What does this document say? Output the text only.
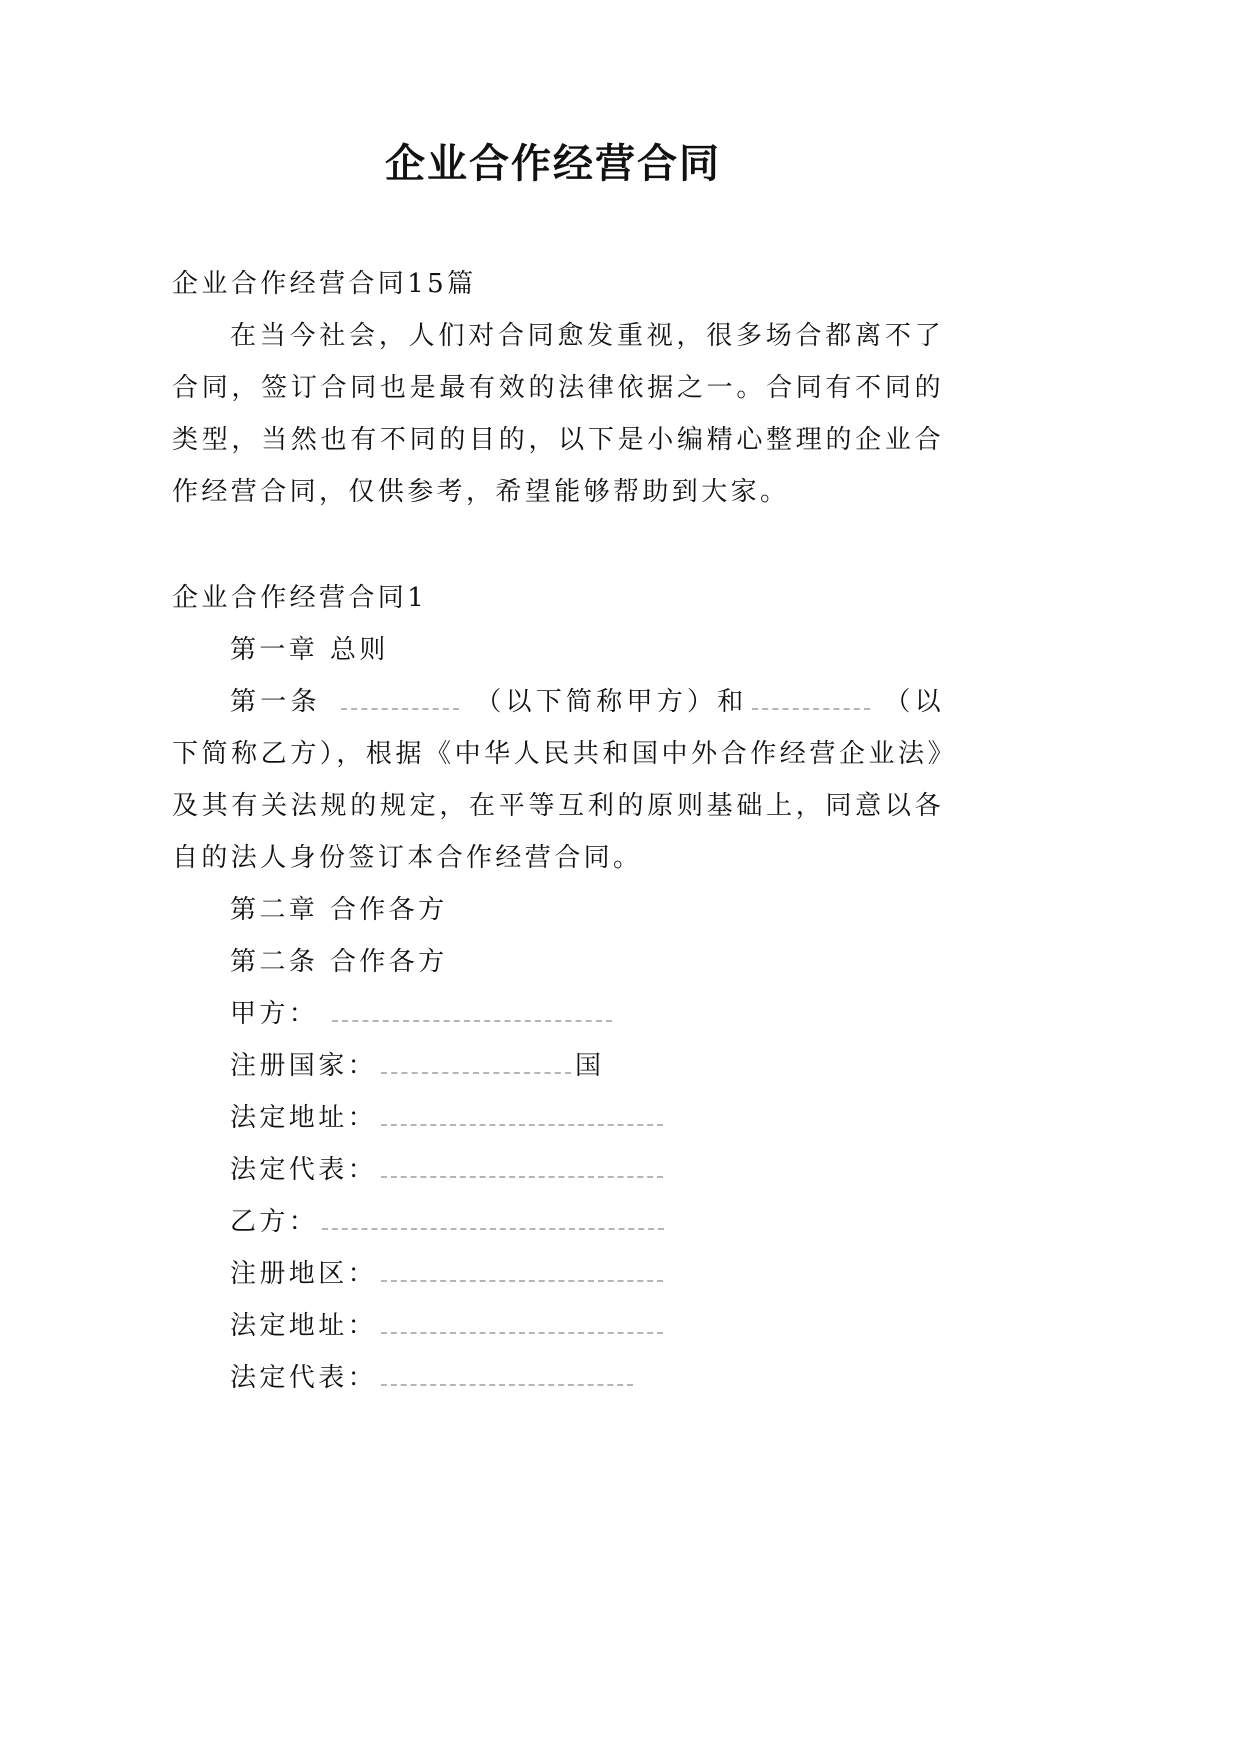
企业合作经营合同

企业合作经营合同15篇

在当今社会，人们对合同愈发重视，很多场合都离不了合同，签订合同也是最有效的法律依据之一。合同有不同的类型，当然也有不同的目的，以下是小编精心整理的企业合作经营合同，仅供参考，希望能够帮助到大家。

企业合作经营合同1

第一章 总则

第一条	（以下简称甲方）和	（以下简称乙方），根据《中华人民共和国中外合作经营企业法》及其有关法规的规定，在平等互利的原则基础上，同意以各自的法人身份签订本合作经营合同。

第二章 合作各方

第二条 合作各方

甲方：

注册国家：	国

法定地址：

法定代表：

乙方：

注册地区：

法定地址：

法定代表：
